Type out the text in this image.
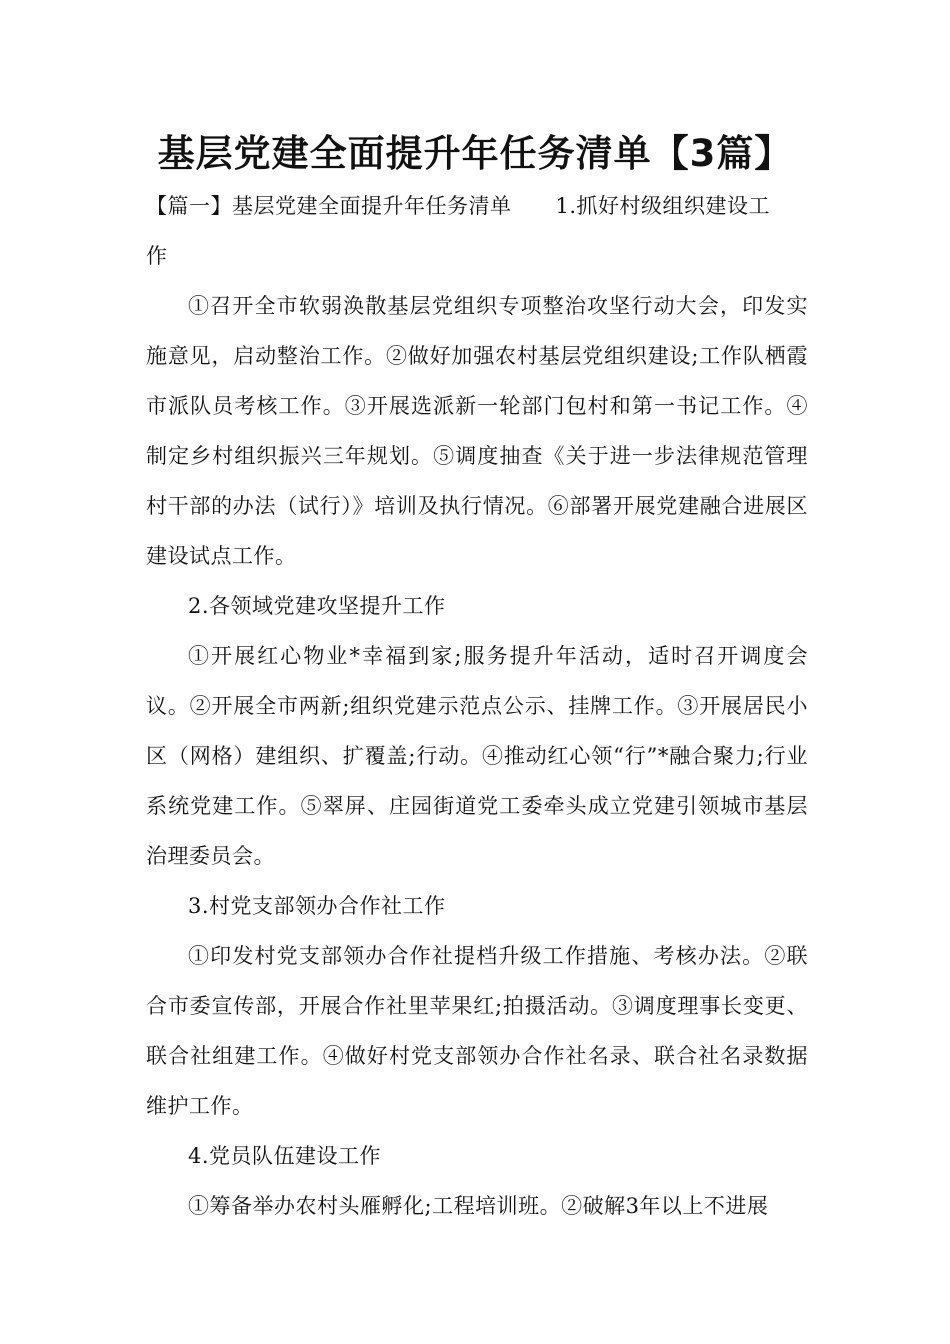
基层党建全面提升年任务清单【3篇】
【篇一】基层党建全面提升年任务清单 1.抓好村级组织建设工
作

①召开全市软弱涣散基层党组织专项整治攻坚行动大会，印发实施意见，启动整治工作。②做好加强农村基层党组织建设;工作队栖霞市派队员考核工作。③开展选派新一轮部门包村和第一书记工作。④制定乡村组织振兴三年规划。⑤调度抽查《关于进一步法律规范管理村干部的办法（试行）》培训及执行情况。⑥部署开展党建融合进展区建设试点工作。

2.各领域党建攻坚提升工作

①开展红心物业*幸福到家;服务提升年活动，适时召开调度会议。②开展全市两新;组织党建示范点公示、挂牌工作。③开展居民小区（网格）建组织、扩覆盖;行动。④推动红心领“行”*融合聚力;行业系统党建工作。⑤翠屏、庄园街道党工委牵头成立党建引领城市基层治理委员会。

3.村党支部领办合作社工作

①印发村党支部领办合作社提档升级工作措施、考核办法。②联合市委宣传部，开展合作社里苹果红;拍摄活动。③调度理事长变更、联合社组建工作。④做好村党支部领办合作社名录、联合社名录数据维护工作。

4.党员队伍建设工作

①筹备举办农村头雁孵化;工程培训班。②破解3年以上不进展
